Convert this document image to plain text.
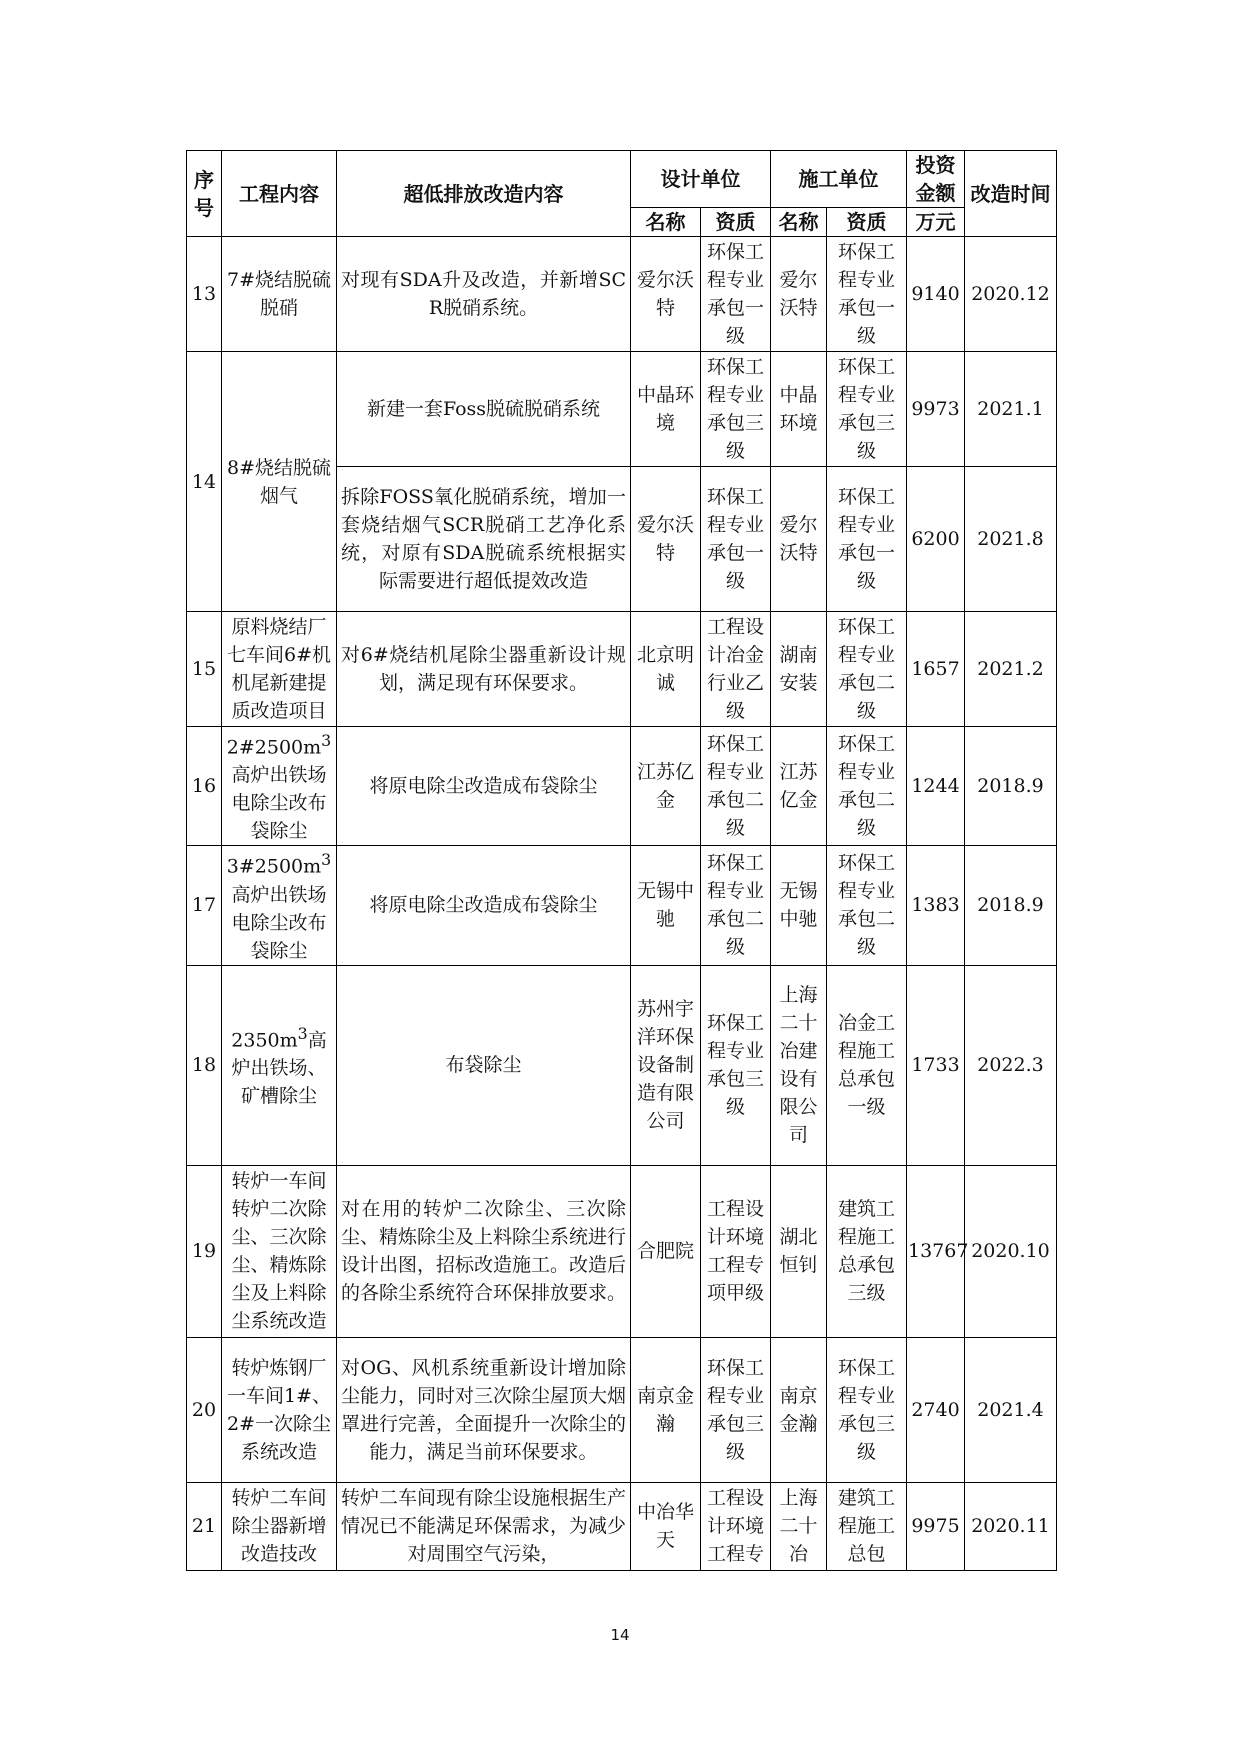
序号	工程内容	超低排放改造内容	设计单位		施工单位		投资金额	改造时间
			名称	资质	名称	资质	万元	
13	7#烧结脱硫脱硝	对现有SDA升及改造，并新增SCR脱硝系统。	爱尔沃特	环保工程专业承包一级	爱尔沃特	环保工程专业承包一级	9140	2020.12
14	8#烧结脱硫烟气	新建一套Foss脱硫脱硝系统	中晶环境	环保工程专业承包三级	中晶环境	环保工程专业承包三级	9973	2021.1
		拆除FOSS氧化脱硝系统，增加一套烧结烟气SCR脱硝工艺净化系统，对原有SDA脱硫系统根据实际需要进行超低提效改造	爱尔沃特	环保工程专业承包一级	爱尔沃特	环保工程专业承包一级	6200	2021.8
15	原料烧结厂七车间6#机机尾新建提质改造项目	对6#烧结机尾除尘器重新设计规划，满足现有环保要求。	北京明诚	工程设计冶金行业乙级	湖南安装	环保工程专业承包二级	1657	2021.2
16	$2\#2500m^3$高炉出铁场电除尘改布袋除尘	将原电除尘改造成布袋除尘	江苏亿金	环保工程专业承包二级	江苏亿金	环保工程专业承包二级	1244	2018.9
17	$3\#2500m^3$高炉出铁场电除尘改布袋除尘	将原电除尘改造成布袋除尘	无锡中驰	环保工程专业承包二级	无锡中驰	环保工程专业承包二级	1383	2018.9
18	$2350m^3$高炉出铁场、矿槽除尘	布袋除尘	苏州宇洋环保设备制造有限公司	环保工程专业承包三级	上海二十冶建设有限公司	冶金工程施工总承包一级	1733	2022.3
19	转炉一车间转炉二次除尘、三次除尘、精炼除尘及上料除尘系统改造	对在用的转炉二次除尘、三次除尘、精炼除尘及上料除尘系统进行设计出图，招标改造施工。改造后的各除尘系统符合环保排放要求。	合肥院	工程设计环境工程专项甲级	湖北恒钊	建筑工程施工总承包三级	13767	2020.10
20	转炉炼钢厂一车间1#、2#一次除尘系统改造	对OG、风机系统重新设计增加除尘能力，同时对三次除尘屋顶大烟罩进行完善，全面提升一次除尘的能力，满足当前环保要求。	南京金瀚	环保工程专业承包三级	南京金瀚	环保工程专业承包三级	2740	2021.4
21	转炉二车间除尘器新增改造技改	转炉二车间现有除尘设施根据生产情况已不能满足环保需求，为减少对周围空气污染，	中冶华天	工程设计环境工程专	上海二十冶	建筑工程施工总包	9975	2020.11
14
